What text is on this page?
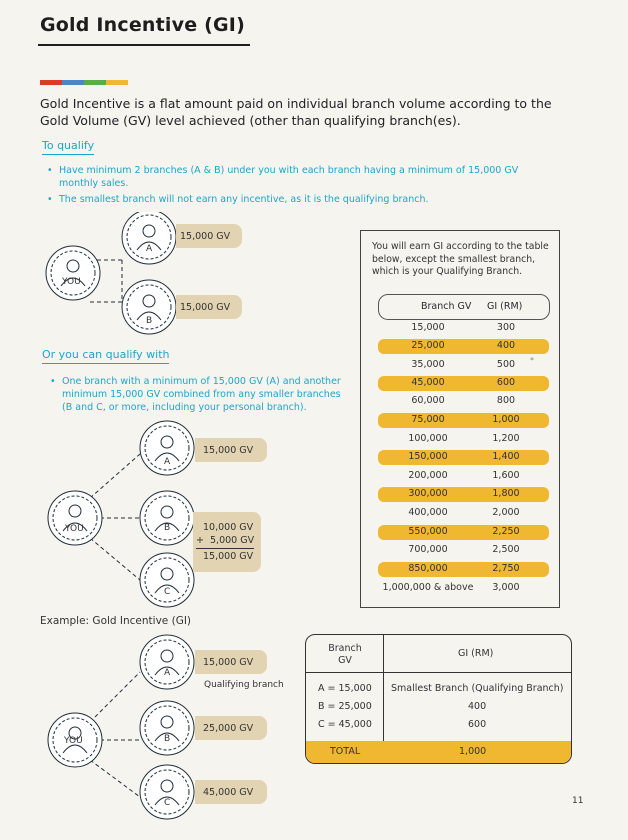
Gold Incentive (GI)
Gold Incentive is a flat amount paid on individual branch volume according to the Gold Volume (GV) level achieved (other than qualifying branch(es).
To qualify
• Have minimum 2 branches (A & B) under you with each branch having a minimum of 15,000 GV monthly sales.
• The smallest branch will not earn any incentive, as it is the qualifying branch.
YOU
A
B
15,000 GV
15,000 GV
Or you can qualify with
• One branch with a minimum of 15,000 GV (A) and another minimum 15,000 GV combined from any smaller branches (B and C, or more, including your personal branch).
YOU
A
B
C
15,000 GV
10,000 GV
+ 5,000 GV
15,000 GV
You will earn GI according to the table below, except the smallest branch, which is your Qualifying Branch.
Branch GV GI (RM)
15,000	300
25,000	400
35,000	500
45,000	600
60,000	800
75,000	1,000
100,000	1,200
150,000	1,400
200,000	1,600
300,000	1,800
400,000	2,000
550,000	2,250
700,000	2,500
850,000	2,750
1,000,000 & above	3,000
*
Example: Gold Incentive (GI)
YOU
A
B
C
15,000 GV
Qualifying branch
25,000 GV
45,000 GV
Branch GV
GI (RM)
A = 15,000 Smallest Branch (Qualifying Branch)
B = 25,000	400
C = 45,000	600
TOTAL	1,000
11
